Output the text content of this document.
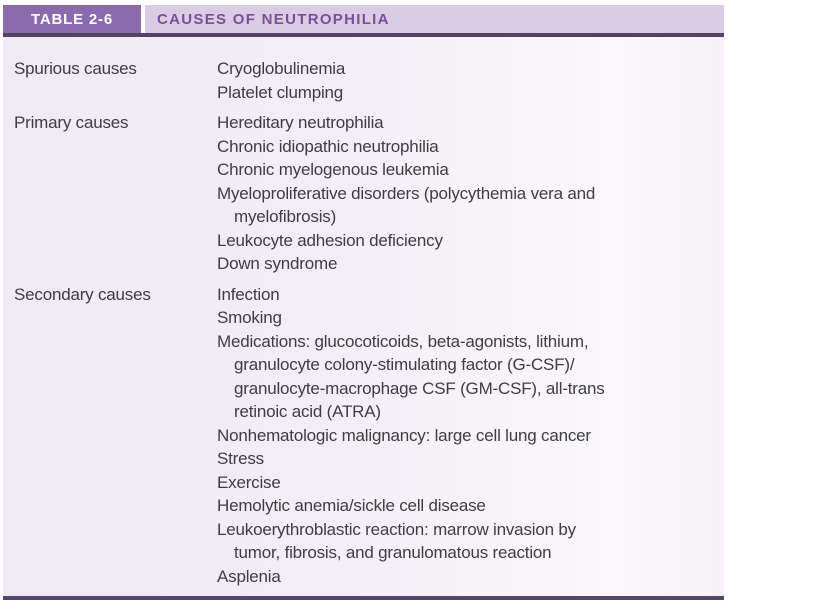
TABLE 2-6	CAUSES OF NEUTROPHILIA
Spurious causes	Cryoglobulinemia
Platelet clumping
Primary causes	Hereditary neutrophilia
Chronic idiopathic neutrophilia
Chronic myelogenous leukemia
Myeloproliferative disorders (polycythemia vera and
myelofibrosis)
Leukocyte adhesion deficiency
Down syndrome
Secondary causes	Infection
Smoking
Medications: glucocoticoids, beta-agonists, lithium,
granulocyte colony-stimulating factor (G-CSF)/
granulocyte-macrophage CSF (GM-CSF), all-trans
retinoic acid (ATRA)
Nonhematologic malignancy: large cell lung cancer
Stress
Exercise
Hemolytic anemia/sickle cell disease
Leukoerythroblastic reaction: marrow invasion by
tumor, fibrosis, and granulomatous reaction
Asplenia
